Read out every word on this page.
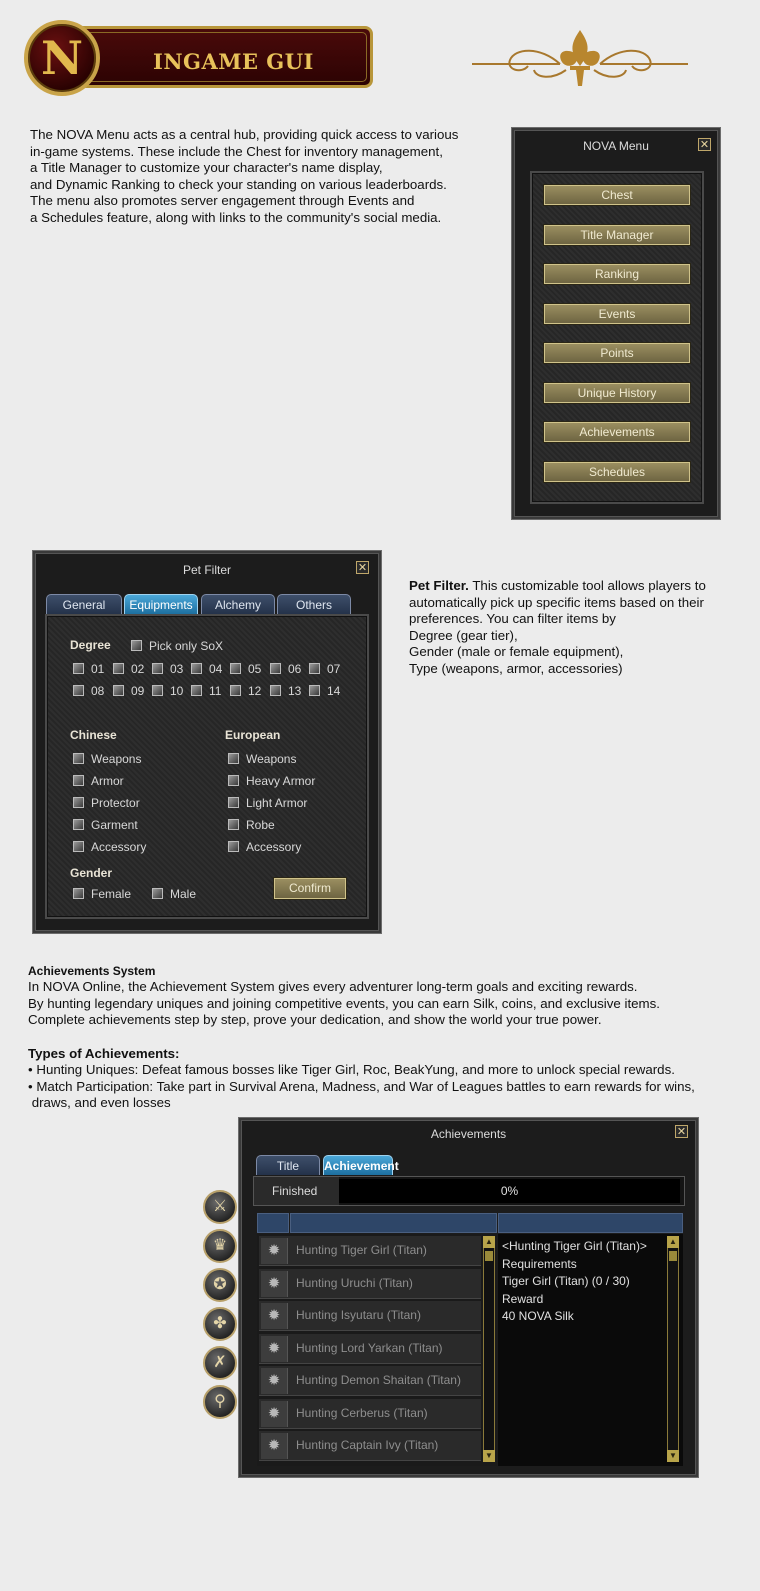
INGAME GUI
N
The NOVA Menu acts as a central hub, providing quick access to various
in-game systems. These include the Chest for inventory management,
a Title Manager to customize your character's name display,
and Dynamic Ranking to check your standing on various leaderboards.
The menu also promotes server engagement through Events and
a Schedules feature, along with links to the community's social media.
NOVA Menu	✕
Chest
Title Manager
Ranking
Events
Points
Unique History
Achievements
Schedules
Pet Filter	✕
General	Equipments	Alchemy	Others
Degree	Pick only SoX
01	02	03	04	05	06	07
08	09	10	11	12	13	14
Chinese
Weapons
Armor
Protector
Garment
Accessory
European
Weapons
Heavy Armor
Light Armor
Robe
Accessory
Gender
Female	Male	Confirm
Pet Filter. This customizable tool allows players to
automatically pick up specific items based on their
preferences. You can filter items by
Degree (gear tier),
Gender (male or female equipment),
Type (weapons, armor, accessories)
Achievements System
In NOVA Online, the Achievement System gives every adventurer long-term goals and exciting rewards.
By hunting legendary uniques and joining competitive events, you can earn Silk, coins, and exclusive items.
Complete achievements step by step, prove your dedication, and show the world your true power.
Types of Achievements:
• Hunting Uniques: Defeat famous bosses like Tiger Girl, Roc, BeakYung, and more to unlock special rewards.
• Match Participation: Take part in Survival Arena, Madness, and War of Leagues battles to earn rewards for wins,
draws, and even losses
⚔
♛
✪
✤
✗
⚲
Achievements	✕
Title	Achievement
Finished	0%
✹	Hunting Tiger Girl (Titan)
✹	Hunting Uruchi (Titan)
✹	Hunting Isyutaru (Titan)
✹	Hunting Lord Yarkan (Titan)
✹	Hunting Demon Shaitan (Titan)
✹	Hunting Cerberus (Titan)
✹	Hunting Captain Ivy (Titan)
▲
▼
▲
▼
<Hunting Tiger Girl (Titan)>
Requirements
Tiger Girl (Titan) (0 / 30)
Reward
40 NOVA Silk
